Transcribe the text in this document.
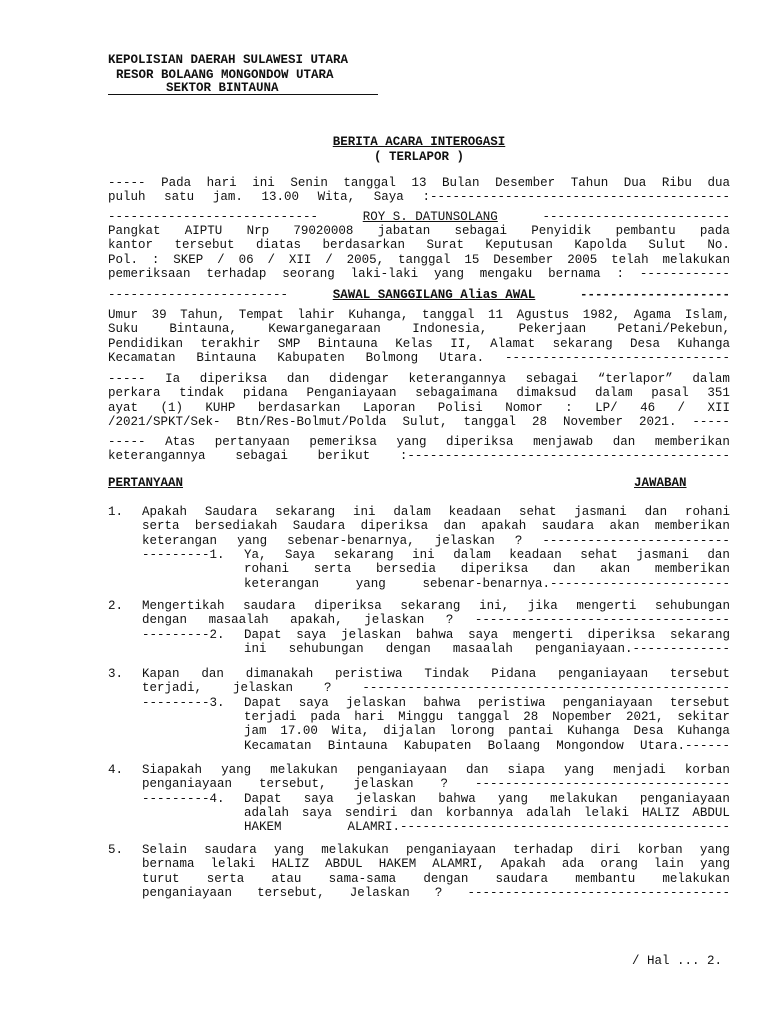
KEPOLISIAN DAERAH SULAWESI UTARA
RESOR BOLAANG MONGONDOW UTARA
SEKTOR BINTAUNA
BERITA ACARA INTEROGASI
( TERLAPOR )
----- Pada hari ini Senin tanggal 13 Bulan Desember Tahun Dua Ribu dua
puluh satu jam. 13.00 Wita, Saya :----------------------------------------
----------------------------	ROY S. DATUNSOLANG	-------------------------
Pangkat AIPTU Nrp 79020008 jabatan sebagai Penyidik pembantu pada
kantor tersebut diatas berdasarkan Surat Keputusan Kapolda Sulut No.
Pol. : SKEP / 06 / XII / 2005, tanggal 15 Desember 2005 telah melakukan
pemeriksaan terhadap seorang laki-laki yang mengaku bernama : ------------
------------------------	SAWAL SANGGILANG Alias AWAL	--------------------
Umur 39 Tahun, Tempat lahir Kuhanga, tanggal 11 Agustus 1982, Agama Islam,
Suku	Bintauna,	Kewarganegaraan	Indonesia,	Pekerjaan	Petani/Pekebun,
Pendidikan terakhir SMP Bintauna Kelas II, Alamat sekarang Desa Kuhanga
Kecamatan Bintauna Kabupaten Bolmong Utara. ------------------------------
----- Ia diperiksa dan didengar keterangannya sebagai “terlapor” dalam
perkara tindak pidana Penganiayaan sebagaimana dimaksud dalam pasal 351
ayat (1) KUHP berdasarkan Laporan Polisi Nomor : LP/ 46 / XII
/2021/SPKT/Sek- Btn/Res-Bolmut/Polda Sulut, tanggal 28 November 2021. -----
----- Atas pertanyaan pemeriksa yang diperiksa menjawab dan memberikan
keterangannya sebagai berikut :-------------------------------------------
PERTANYAAN	JAWABAN
1. Apakah Saudara sekarang ini dalam keadaan sehat jasmani dan rohani
serta bersediakah Saudara diperiksa dan apakah saudara akan memberikan
keterangan yang sebenar-benarnya, jelaskan ? -------------------------
---------1. Ya, Saya sekarang ini dalam keadaan sehat jasmani dan
rohani serta bersedia diperiksa dan akan memberikan
keterangan	yang	sebenar-benarnya.------------------------
2. Mengertikah saudara diperiksa sekarang ini, jika mengerti sehubungan
dengan masaalah apakah, jelaskan ? ----------------------------------
---------2. Dapat saya jelaskan bahwa saya mengerti diperiksa sekarang
ini sehubungan dengan masaalah penganiayaan.-------------
3. Kapan dan dimanakah peristiwa Tindak Pidana penganiayaan tersebut
terjadi, jelaskan ? -------------------------------------------------
---------3. Dapat saya jelaskan bahwa peristiwa penganiayaan tersebut
terjadi pada hari Minggu tanggal 28 Nopember 2021, sekitar
jam 17.00 Wita, dijalan lorong pantai Kuhanga Desa Kuhanga
Kecamatan Bintauna Kabupaten Bolaang Mongondow Utara.------
4. Siapakah yang melakukan penganiayaan dan siapa yang menjadi korban
penganiayaan tersebut, jelaskan ? ----------------------------------
---------4. Dapat saya jelaskan bahwa yang melakukan penganiayaan
adalah saya sendiri dan korbannya adalah lelaki HALIZ ABDUL
HAKEM	ALAMRI.--------------------------------------------
5. Selain saudara yang melakukan penganiayaan terhadap diri korban yang
bernama lelaki HALIZ ABDUL HAKEM ALAMRI, Apakah ada orang lain yang
turut serta atau sama-sama dengan saudara membantu melakukan
penganiayaan tersebut, Jelaskan ? -----------------------------------
/ Hal ... 2.
